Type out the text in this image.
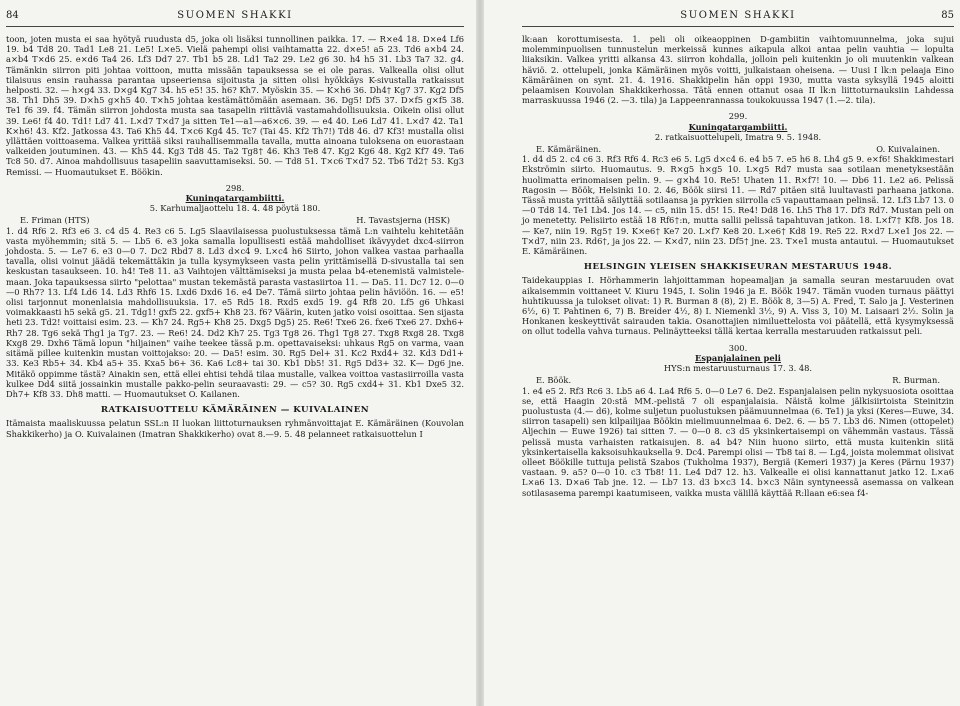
84	SUOMEN SHAKKI

toon, joten musta ei saa hyötyä ruudusta d5, joka oli lisäksi tunnollinen paikka. 17. — R×e4 18. D×e4 Lf6 19. b4 Td8 20. Tad1 Le8 21. Le5! L×e5. Vielä pahempi olisi vaihtamatta 22. d×e5! a5 23. Td6 a×b4 24. a×b4 T×d6 25. e×d6 Ta4 26. Lf3 Dd7 27. Tb1 b5 28. Ld1 Ta2 29. Le2 g6 30. h4 h5 31. Lb3 Ta7 32. g4. Tämänkin siirron piti johtaa voittoon, mutta missään tapauksessa se ei ole paras. Valkealla olisi ollut tilaisuus ensin rauhassa parantaa upseeriensa sijoitusta ja sitten olisi hyökkäys K-sivustalla ratkaissut helposti. 32. — h×g4 33. D×g4 Kg7 34. h5 e5! 35. h6? Kh7. Myöskin 35. — K×h6 36. Dh4† Kg7 37. Kg2 Df5 38. Th1 Dh5 39. D×h5 g×h5 40. T×h5 johtaa kestämättömään asemaan. 36. Dg5! Df5 37. D×f5 g×f5 38. Te1 f6 39. f4. Tämän siirron johdosta musta saa tasapelin riittäviä vastamahdollisuuksia. Oikein olisi ollut 39. Le6! f4 40. Td1! Ld7 41. L×d7 T×d7 ja sitten Te1—a1—a6×c6. 39. — e4 40. Le6 Ld7 41. L×d7 42. Ta1 K×h6! 43. Kf2. Jatkossa 43. Ta6 Kh5 44. T×c6 Kg4 45. Tc7 (Tai 45. Kf2 Th7!) Td8 46. d7 Kf3! mustalla olisi yllättäen voittoasema. Valkea yrittää siksi rauhallisemmalla tavalla, mutta ainoana tuloksena on euorastaan valkeiden joutuminen. 43. — Kh5 44. Kg3 Td8 45. Ta2 Tg8† 46. Kh3 Te8 47. Kg2 Kg6 48. Kg2 Kf7 49. Ta6 Tc8 50. d7. Ainoa mahdollisuus tasapeliin saavuttamiseksi. 50. — Td8 51. T×c6 T×d7 52. Tb6 Td2† 53. Kg3 Remissi. — Huomautukset E. Böökin.

298.
Kuningatargambiitti.
5. Karhumaljaottelu 18. 4. 48 pöytä 180.
E. Friman (HTS)	H. Tavastsjerna (HSK)

1. d4 Rf6 2. Rf3 e6 3. c4 d5 4. Re3 c6 5. Lg5 Slaavilaisessa puolustuksessa tämä L:n vaihtelu kehitetään vasta myöhemmin; sitä 5. — Lb5 6. e3 joka samalla lopullisesti estää mahdolliset ikävyydet dxc4-siirron johdosta. 5. — Le7 6. e3 0—0 7. Dc2 Rbd7 8. Ld3 d×c4 9. L×c4 h6 Siirto, johon valkea vastaa parhaalla tavalla, olisi voinut jäädä tekemättäkin ja tulla kysymykseen vasta pelin yrittämisellä D-sivustalla tai sen keskustan tasaukseen. 10. h4! Te8 11. a3 Vaihtojen välttämiseksi ja musta pelaa b4-etenemistä valmistele-maan. Joka tapauksessa siirto "pelottaa" mustan tekemästä parasta vastasiirtoa 11. — Da5. 11. Dc7 12. 0—0—0 Rh7? 13. Lf4 Ld6 14. Ld3 Rhf6 15. Lxd6 Dxd6 16. e4 De7. Tämä siirto johtaa pelin häviöön. 16. — e5! olisi tarjonnut monenlaisia mahdollisuuksia. 17. e5 Rd5 18. Rxd5 exd5 19. g4 Rf8 20. Lf5 g6 Uhkasi voimakkaasti h5 sekä g5. 21. Tdg1! gxf5 22. gxf5+ Kh8 23. f6? Väärin, kuten jatko voisi osoittaa. Sen sijasta heti 23. Td2! voittaisi esim. 23. — Kh7 24. Rg5+ Kh8 25. Dxg5 Dg5) 25. Re6! Txe6 26. fxe6 Txe6 27. Dxh6+ Rh7 28. Tg6 sekä Thg1 ja Tg7. 23. — Re6! 24. Dd2 Kh7 25. Tg3 Tg8 26. Thg1 Tg8 27. Txg8 Rxg8 28. Txg8 Kxg8 29. Dxh6 Tämä lopun "hiljainen" vaihe teekee tässä p.m. opettavaiseksi: uhkaus Rg5 on varma, vaan sitämä pillee kuitenkin mustan voittojakso: 20. — Da5! esim. 30. Rg5 Del+ 31. Kc2 Rxd4+ 32. Kd3 Dd1+ 33. Ke3 Rb5+ 34. Kb4 a5+ 35. Kxa5 b6+ 36. Ka6 Lc8+ tai 30. Kb1 Db5! 31. Rg5 Dd3+ 32. K— Dg6 jne. Mitäkö oppimme tästä? Ainakin sen, että ellei ehtisi tehdä tilaa mustalle, valkea voittoa vastasiirroilla vasta kulkee Dd4 siitä jossainkin mustalle pakko-pelin seuraavasti: 29. — c5? 30. Rg5 cxd4+ 31. Kb1 Dxe5 32. Dh7+ Kf8 33. Dh8 matti. — Huomautukset O. Kailanen.

RATKAISUOTTELU KÄMÄRÄINEN — KUIVALAINEN

Itämaista maaliskuussa pelatun SSL:n II luokan liittoturnauksen ryhmänvoittajat E. Kämäräinen (Kouvolan Shakkikerho) ja O. Kuivalainen (Imatran Shakkikerho) ovat 8.—9. 5. 48 pelanneet ratkaisuottelun I

SUOMEN SHAKKI	85

lk:aan korottumisesta. 1. peli oli oikeaoppinen D-gambiitin vaihtomuunnelma, joka sujui molemminpuolisen tunnustelun merkeissä kunnes aikapula alkoi antaa pelin vauhtia — lopulta liiaksikin. Valkea yritti alkansa 43. siirron kohdalla, jolloin peli kuitenkin jo oli muutenkin valkean häviö. 2. ottelupeli, jonka Kämäräinen myös voitti, julkaistaan oheisena. — Uusi I lk:n pelaaja Eino Kämäräinen on synt. 21. 4. 1916. Shakkipelin hän oppi 1930, mutta vasta syksyllä 1945 aloitti pelaamisen Kouvolan Shakkikerhossa. Tätä ennen ottanut osaa II lk:n liittoturnauksiin Lahdessa marraskuussa 1946 (2. —3. tila) ja Lappeenrannassa toukokuussa 1947 (1.—2. tila).

299.
Kuningatargambiitti.
2. ratkaisuottelupeli, Imatra 9. 5. 1948.
E. Kämäräinen.	O. Kuivalainen.

1. d4 d5 2. c4 c6 3. Rf3 Rf6 4. Rc3 e6 5. Lg5 d×c4 6. e4 b5 7. e5 h6 8. Lh4 g5 9. e×f6! Shakkimestari Ekströmin siirto. Huomautus. 9. R×g5 h×g5 10. L×g5 Rd7 musta saa sotilaan menetyksestään huolimatta erinomaisen pelin. 9. — g×h4 10. Re5! Uhaten 11. R×f7! 10. — Db6 11. Le2 a6. Pelissä Ragosin — Böök, Helsinki 10. 2. 46, Böök siirsi 11. — Rd7 pitäen sitä luultavasti parhaana jatkona. Tässä musta yrittää säilyttää sotilaansa ja pyrkien siirrolla c5 vapauttamaan pelinsä. 12. Lf3 Lb7 13. 0—0 Td8 14. Te1 Lb4. Jos 14. — c5, niin 15. d5! 15. Re4! Dd8 16. Lh5 Th8 17. Df3 Rd7. Mustan peli on jo menetetty. Pelisiirto estää 18 Rf6†:n, mutta sallii pelissä tapahtuvan jatkon. 18. L×f7† Kf8. Jos 18. — Ke7, niin 19. Rg5† 19. K×e6† Ke7 20. L×f7 Ke8 20. L×e6† Kd8 19. Re5 22. R×d7 L×e1 Jos 22. — T×d7, niin 23. Rd6†, ja jos 22. — K×d7, niin 23. Df5† jne. 23. T×e1 musta antautui. — Huomautukset E. Kämäräinen.

HELSINGIN YLEISEN SHAKKISEURAN MESTARUUS 1948.

Taidekauppias I. Hörhammerin lahjoittamman hopeamaljan ja samalla seuran mestaruuden ovat aikaisemmin voittaneet V. Kiuru 1945, I. Solin 1946 ja E. Böök 1947. Tämän vuoden turnaus päättyi huhtikuussa ja tulokset olivat: 1) R. Burman 8 (8), 2) E. Böök 8, 3—5) A. Fred, T. Salo ja J. Vesterinen 6½, 6) T. Pahtinen 6, 7) B. Breider 4½, 8) I. Niemenkl 3½, 9) A. Viss 3, 10) M. Laisaari 2½. Solin ja Honkanen keskeyttivät sairauden takia. Osanottajien nimiluettelosta voi päätellä, että kysymyksessä on ollut todella vahva turnaus. Pelinäytteeksi tällä kertaa kerralla mestaruuden ratkaissut peli.

300.
Espanjalainen peli
HYS:n mestaruusturnaus 17. 3. 48.
E. Böök.	R. Burman.

1. e4 e5 2. Rf3 Rc6 3. Lb5 a6 4. La4 Rf6 5. 0—0 Le7 6. De2. Espanjalaisen pelin nykysuosiota osoittaa se, että Haagin 20:stä MM.-pelistä 7 oli espanjalaisia. Näistä kolme jälkisiirtoista Steinitzin puolustusta (4.— d6), kolme suljetun puolustuksen päämuunnelmaa (6. Te1) ja yksi (Keres—Euwe, 34. siirron tasapeli) sen kilpailijaa Böökin mielimuunnelmaa 6. De2. 6. — b5 7. Lb3 d6. Nimen (ottopelet) Aljechin — Euwe 1926) tai sitten 7. — 0—0 8. c3 d5 yksinkertaisempi on vähemmän vastaus. Tässä pelissä musta varhaisten ratkaisujen. 8. a4 b4? Niin huono siirto, että musta kuitenkin siitä yksinkertaisella kaksoisuhkauksella 9. Dc4. Parempi olisi — Tb8 tai 8. — Lg4, joista molemmat olisivat olleet Böökille tuttuja pelistä Szabos (Tukholma 1937), Bergiä (Kemeri 1937) ja Keres (Pärnu 1937) vastaan. 9. a5? 0—0 10. c3 Tb8! 11. Le4 Dd7 12. h3. Valkealle ei olisi kannattanut jatko 12. L×a6 L×a6 13. D×a6 Tab jne. 12. — Lb7 13. d3 b×c3 14. b×c3 Näin syntyneessä asemassa on valkean sotilasasema parempi kaatumiseen, vaikka musta välillä käyttää R:llaan e6:sea f4-
